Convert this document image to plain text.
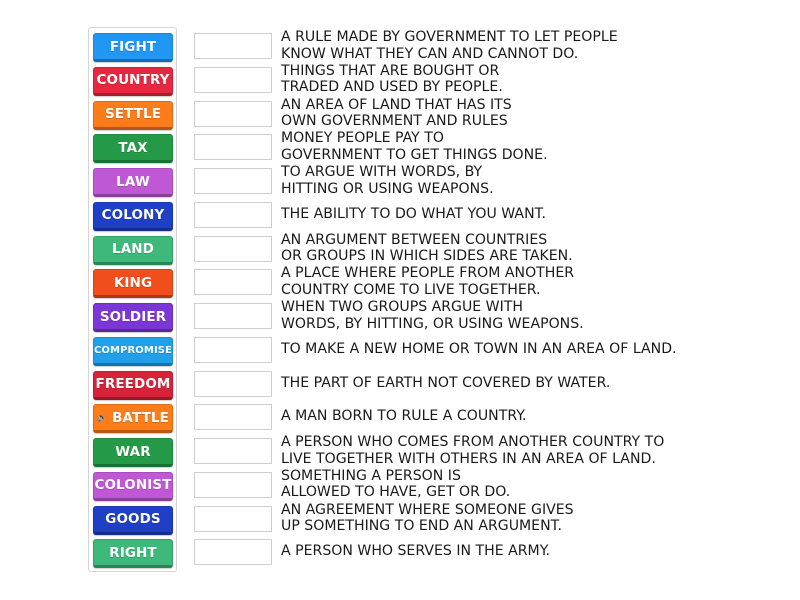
FIGHT
COUNTRY
SETTLE
TAX
LAW
COLONY
LAND
KING
SOLDIER
COMPROMISE
FREEDOM
🔈 BATTLE
WAR
COLONIST
GOODS
RIGHT
A RULE MADE BY GOVERNMENT TO LET PEOPLE
KNOW WHAT THEY CAN AND CANNOT DO.
THINGS THAT ARE BOUGHT OR
TRADED AND USED BY PEOPLE.
AN AREA OF LAND THAT HAS ITS
OWN GOVERNMENT AND RULES
MONEY PEOPLE PAY TO
GOVERNMENT TO GET THINGS DONE.
TO ARGUE WITH WORDS, BY
HITTING OR USING WEAPONS.
THE ABILITY TO DO WHAT YOU WANT.
AN ARGUMENT BETWEEN COUNTRIES
OR GROUPS IN WHICH SIDES ARE TAKEN.
A PLACE WHERE PEOPLE FROM ANOTHER
COUNTRY COME TO LIVE TOGETHER.
WHEN TWO GROUPS ARGUE WITH
WORDS, BY HITTING, OR USING WEAPONS.
TO MAKE A NEW HOME OR TOWN IN AN AREA OF LAND.
THE PART OF EARTH NOT COVERED BY WATER.
A MAN BORN TO RULE A COUNTRY.
A PERSON WHO COMES FROM ANOTHER COUNTRY TO
LIVE TOGETHER WITH OTHERS IN AN AREA OF LAND.
SOMETHING A PERSON IS
ALLOWED TO HAVE, GET OR DO.
AN AGREEMENT WHERE SOMEONE GIVES
UP SOMETHING TO END AN ARGUMENT.
A PERSON WHO SERVES IN THE ARMY.
